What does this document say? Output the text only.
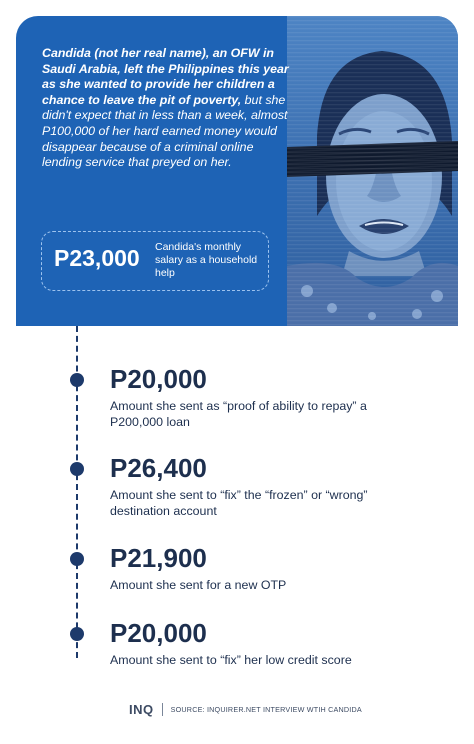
Candida (not her real name), an OFW in Saudi Arabia, left the Philippines this year as she wanted to provide her children a chance to leave the pit of poverty, but she didn't expect that in less than a week, almost P100,000 of her hard earned money would disappear because of a criminal online lending service that preyed on her.

P23,000 Candida's monthly salary as a household help
P20,000
Amount she sent as “proof of ability to repay” a P200,000 loan
P26,400
Amount she sent to “fix” the “frozen” or “wrong” destination account
P21,900
Amount she sent for a new OTP
P20,000
Amount she sent to “fix” her low credit score
INQ SOURCE: INQUIRER.NET INTERVIEW WTIH CANDIDA
